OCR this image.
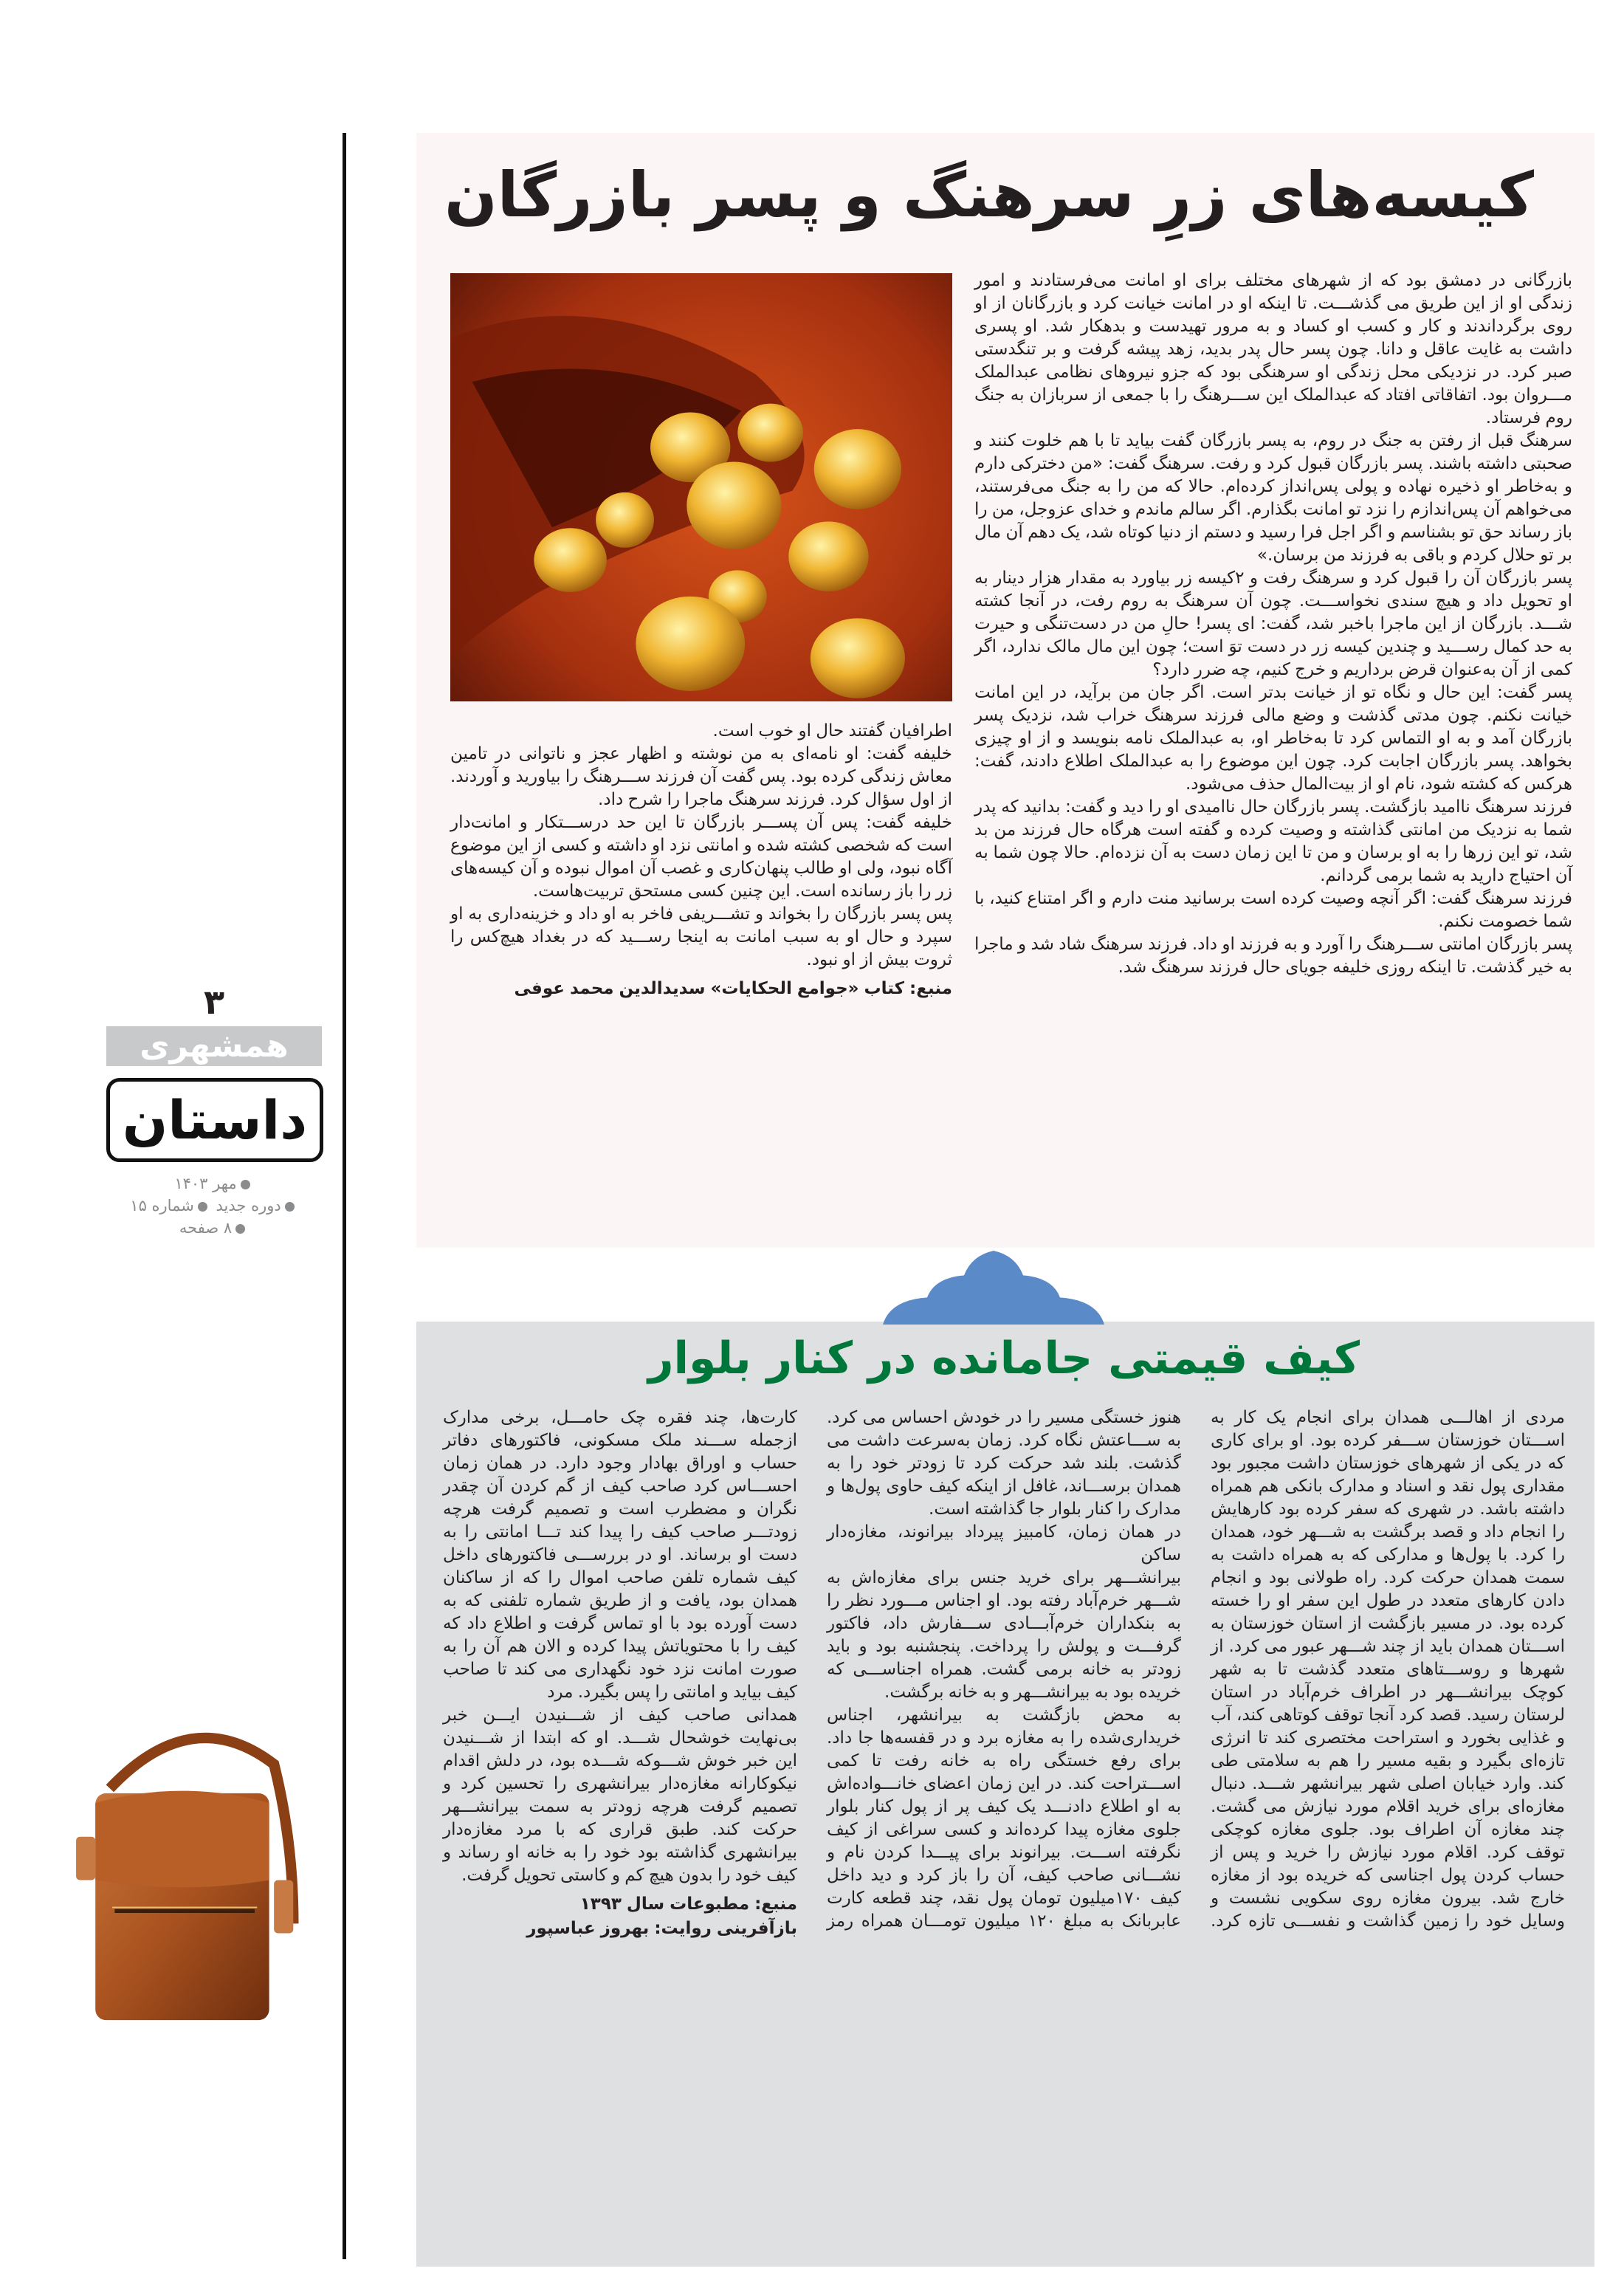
۳
همشهری
داستان
مهر ۱۴۰۳
دوره جدید شماره ۱۵
۸ صفحه
کیسه‌های زرِ سرهنگ و پسر بازرگان

بازرگانی در دمشق بود که از شهرهای مختلف برای او امانت می‌فرستادند و امور زندگی او از این طریق می گذشـــت. تا اینکه او در امانت خیانت کرد و بازرگانان از او روی برگرداندند و کار و کسب او کساد و به مرور تهیدست و بدهکار شد. او پسری داشت به غایت عاقل و دانا. چون پسر حال پدر بدید، زهد پیشه گرفت و بر تنگدستی صبر کرد. در نزدیکی محل زندگی او سرهنگی بود که جزو نیروهای نظامی عبدالملک مـــروان بود. اتفاقاتی افتاد که عبدالملک این ســـرهنگ را با جمعی از سربازان به جنگ روم فرستاد.

سرهنگ قبل از رفتن به جنگ در روم، به پسر بازرگان گفت بیاید تا با هم خلوت کنند و صحبتی داشته باشند. پسر بازرگان قبول کرد و رفت. سرهنگ گفت: «من دخترکی دارم و به‌خاطر او ذخیره نهاده و پولی پس‌انداز کرده‌ام. حالا که من را به جنگ می‌فرستند، می‌خواهم آن پس‌اندازم را نزد تو امانت بگذارم. اگر سالم ماندم و خدای عزوجل، من را باز رساند حق تو بشناسم و اگر اجل فرا رسید و دستم از دنیا کوتاه شد، یک دهم آن مال بر تو حلال کردم و باقی به فرزند من برسان.»

پسر بازرگان آن را قبول کرد و سرهنگ رفت و ۲کیسه زر بیاورد به مقدار هزار دینار به او تحویل داد و هیچ سندی نخواســـت. چون آن سرهنگ به روم رفت، در آنجا کشته شـــد. بازرگان از این ماجرا باخبر شد، گفت: ای پسر! حالِ من در دست‌تنگی و حیرت به حد کمال رســـید و چندین کیسه زر در دست توَ است؛ چون این مال مالک ندارد، اگر کمی از آن به‌عنوان قرض برداریم و خرج کنیم، چه ضرر دارد؟

پسر گفت: این حال و نگاه تو از خیانت بدتر است. اگر جان من برآید، در این امانت خیانت نکنم. چون مدتی گذشت و وضع مالی فرزند سرهنگ خراب شد، نزدیک پسر بازرگان آمد و به او التماس کرد تا به‌خاطر او، به عبدالملک نامه بنویسد و از او چیزی بخواهد. پسر بازرگان اجابت کرد. چون این موضوع را به عبدالملک اطلاع دادند، گفت: هرکس که کشته شود، نام او از بیت‌المال حذف می‌شود.

فرزند سرهنگ ناامید بازگشت. پسر بازرگان حال ناامیدی او را دید و گفت: بدانید که پدر شما به نزدیک من امانتی گذاشته و وصیت کرده و گفته است هرگاه حال فرزند من بد شد، تو این زرها را به او برسان و من تا این زمان دست به آن نزده‌ام. حالا چون شما به آن احتیاج دارید به شما برمی گردانم.

فرزند سرهنگ گفت: اگر آنچه وصیت کرده است برسانید منت دارم و اگر امتناع کنید، با شما خصومت نکنم.

پسر بازرگان امانتی ســـرهنگ را آورد و به فرزند او داد. فرزند سرهنگ شاد شد و ماجرا به خیر گذشت. تا اینکه روزی خلیفه جویای حال فرزند سرهنگ شد.

اطرافیان گفتند حال او خوب است.

خلیفه گفت: او نامه‌ای به من نوشته و اظهار عجز و ناتوانی در تامین معاش زندگی کرده بود. پس گفت آن فرزند ســـرهنگ را بیاورید و آوردند. از اول سؤال کرد. فرزند سرهنگ ماجرا را شرح داد.

خلیفه گفت: پس آن پســـر بازرگان تا این حد درســـتکار و امانت‌دار است که شخصی کشته شده و امانتی نزد او داشته و کسی از این موضوع آگاه نبود، ولی او طالب پنهان‌کاری و غصب آن اموال نبوده و آن کیسه‌های زر را باز رسانده است. این چنین کسی مستحق تربیت‌هاست.

پس پسر بازرگان را بخواند و تشـــریفی فاخر به او داد و خزینه‌داری به او سپرد و حال او به سبب امانت به اینجا رســـید که در بغداد هیچ‌کس را ثروت بیش از او نبود.

منبع: کتاب «جوامع الحکایات» سدیدالدین محمد عوفی

کیف قیمتی جامانده در کنار بلوار

مردی از اهالـــی همدان برای انجام یک کار به اســـتان خوزستان ســـفر کرده بود. او برای کاری که در یکی از شهرهای خوزستان داشت مجبور بود مقداری پول نقد و اسناد و مدارک بانکی هم همراه داشته باشد. در شهری که سفر کرده بود کارهایش را انجام داد و قصد برگشت به شـــهر خود، همدان را کرد. با پول‌ها و مدارکی که به همراه داشت به سمت همدان حرکت کرد. راه طولانی بود و انجام دادن کارهای متعدد در طول این سفر او را خسته کرده بود. در مسیر بازگشت از استان خوزستان به اســـتان همدان باید از چند شـــهر عبور می کرد. از شهرها و روســـتاهای متعدد گذشت تا به شهر کوچک بیرانشـــهر در اطراف خرم‌آباد در استان لرستان رسید. قصد کرد آنجا توقف کوتاهی کند، آب و غذایی بخورد و استراحت مختصری کند تا انرژی تازه‌ای بگیرد و بقیه مسیر را هم به سلامتی طی کند. وارد خیابان اصلی شهر بیرانشهر شـــد. دنبال مغازه‌ای برای خرید اقلام مورد نیازش می گشت. چند مغازه آن اطراف بود. جلوی مغازه کوچکی توقف کرد. اقلام مورد نیازش را خرید و پس از حساب کردن پول اجناسی که خریده بود از مغازه خارج شد. بیرون مغازه روی سکویی نشست و وسایل خود را زمین گذاشت و نفســـی تازه کرد. هنوز خستگی مسیر را در خودش احساس می کرد. به ســـاعتش نگاه کرد. زمان به‌سرعت داشت می گذشت. بلند شد حرکت کرد تا زودتر خود را به همدان برســـاند، غافل از اینکه کیف حاوی پول‌ها و مدارک را کنار بلوار جا گذاشته است.

در همان زمان، کامبیز پیرداد بیرانوند، مغازه‌دار ساکن

بیرانشـــهر برای خرید جنس برای مغازه‌اش به شـــهر خرم‌آباد رفته بود. او اجناس مـــورد نظر را به بنکداران خرم‌آبـــادی ســـفارش داد، فاکتور گرفـــت و پولش را پرداخت. پنجشنبه بود و باید زودتر به خانه برمی گشت. همراه اجناســـی که خریده بود به بیرانشـــهر و به خانه برگشت.

به محض بازگشت به بیرانشهر، اجناس خریداری‌شده را به مغازه برد و در قفسه‌ها جا داد. برای رفع خستگی راه به خانه رفت تا کمی اســـتراحت کند. در این زمان اعضای خانـــواده‌اش به او اطلاع دادنـــد یک کیف پر از پول کنار بلوار جلوی مغازه پیدا کرده‌اند و کسی سراغی از کیف نگرفته اســـت. بیرانوند برای پیـــدا کردن نام و نشـــانی صاحب کیف، آن را باز کرد و دید داخل کیف ۱۷۰میلیون تومان پول نقد، چند قطعه کارت عابربانک به مبلغ ۱۲۰ میلیون تومـــان همراه رمز کارت‌ها، چند فقره چک حامـــل، برخی مدارک ازجمله ســـند ملک مسکونی، فاکتورهای دفاتر حساب و اوراق بهادار وجود دارد. در همان زمان احســـاس کرد صاحب کیف از گم کردن آن چقدر نگران و مضطرب است و تصمیم گرفت هرچه زودتـــر صاحب کیف را پیدا کند تـــا امانتی را به دست او برساند. او در بررســـی فاکتورهای داخل کیف شماره تلفن صاحب اموال را که از ساکنان همدان بود، یافت و از طریق شماره تلفنی که به دست آورده بود با او تماس گرفت و اطلاع داد که کیف را با محتویاتش پیدا کرده و الان هم آن را به صورت امانت نزد خود نگهداری می کند تا صاحب کیف بیاید و امانتی را پس بگیرد. مرد

همدانی صاحب کیف از شـــنیدن ایـــن خبر بی‌نهایت خوشحال شـــد. او که ابتدا از شـــنیدن این خبر خوش شـــوکه شـــده بود، در دلش اقدام نیکوکارانه مغازه‌دار بیرانشهری را تحسین کرد و تصمیم گرفت هرچه زودتر به سمت بیرانشـــهر حرکت کند. طبق قراری که با مرد مغازه‌دار بیرانشهری گذاشته بود خود را به خانه او رساند و کیف خود را بدون هیچ کم و کاستی تحویل گرفت.

منبع: مطبوعات سال ۱۳۹۳

بازآفرینی روایت: بهروز عباسپور
